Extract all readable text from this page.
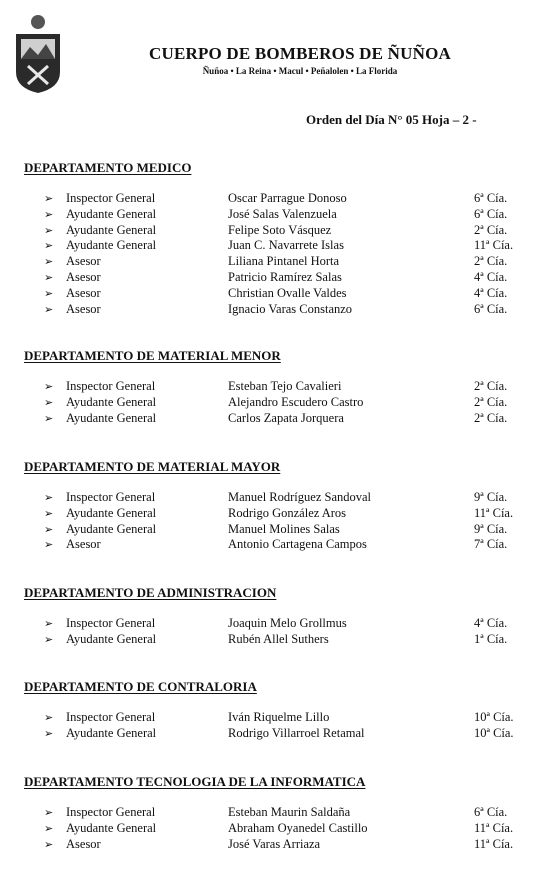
CUERPO DE BOMBEROS DE ÑUÑOA
Ñuñoa • La Reina • Macul • Peñalolen • La Florida
Orden del Día N° 05 Hoja – 2 -
DEPARTAMENTO MEDICO
➢ Inspector General	Oscar Parrague Donoso	6ª Cía.
➢ Ayudante General	José Salas Valenzuela	6ª Cía.
➢ Ayudante General	Felipe Soto Vásquez	2ª Cía.
➢ Ayudante General	Juan C. Navarrete Islas	11ª Cía.
➢ Asesor	Liliana Pintanel Horta	2ª Cía.
➢ Asesor	Patricio Ramírez Salas	4ª Cía.
➢ Asesor	Christian Ovalle Valdes	4ª Cía.
➢ Asesor	Ignacio Varas Constanzo	6ª Cía.
DEPARTAMENTO DE MATERIAL MENOR
➢ Inspector General	Esteban Tejo Cavalieri	2ª Cía.
➢ Ayudante General	Alejandro Escudero Castro	2ª Cía.
➢ Ayudante General	Carlos Zapata Jorquera	2ª Cía.
DEPARTAMENTO DE MATERIAL MAYOR
➢ Inspector General	Manuel Rodríguez Sandoval	9ª Cía.
➢ Ayudante General	Rodrigo González Aros	11ª Cía.
➢ Ayudante General	Manuel Molines Salas	9ª Cía.
➢ Asesor	Antonio Cartagena Campos	7ª Cía.
DEPARTAMENTO DE ADMINISTRACION
➢ Inspector General	Joaquin Melo Grollmus	4ª Cía.
➢ Ayudante General	Rubén Allel Suthers	1ª Cía.
DEPARTAMENTO DE CONTRALORIA
➢ Inspector General	Iván Riquelme Lillo	10ª Cía.
➢ Ayudante General	Rodrigo Villarroel Retamal	10ª Cía.
DEPARTAMENTO TECNOLOGIA DE LA INFORMATICA
➢ Inspector General	Esteban Maurin Saldaña	6ª Cía.
➢ Ayudante General	Abraham Oyanedel Castillo	11ª Cía.
➢ Asesor	José Varas Arriaza	11ª Cía.
